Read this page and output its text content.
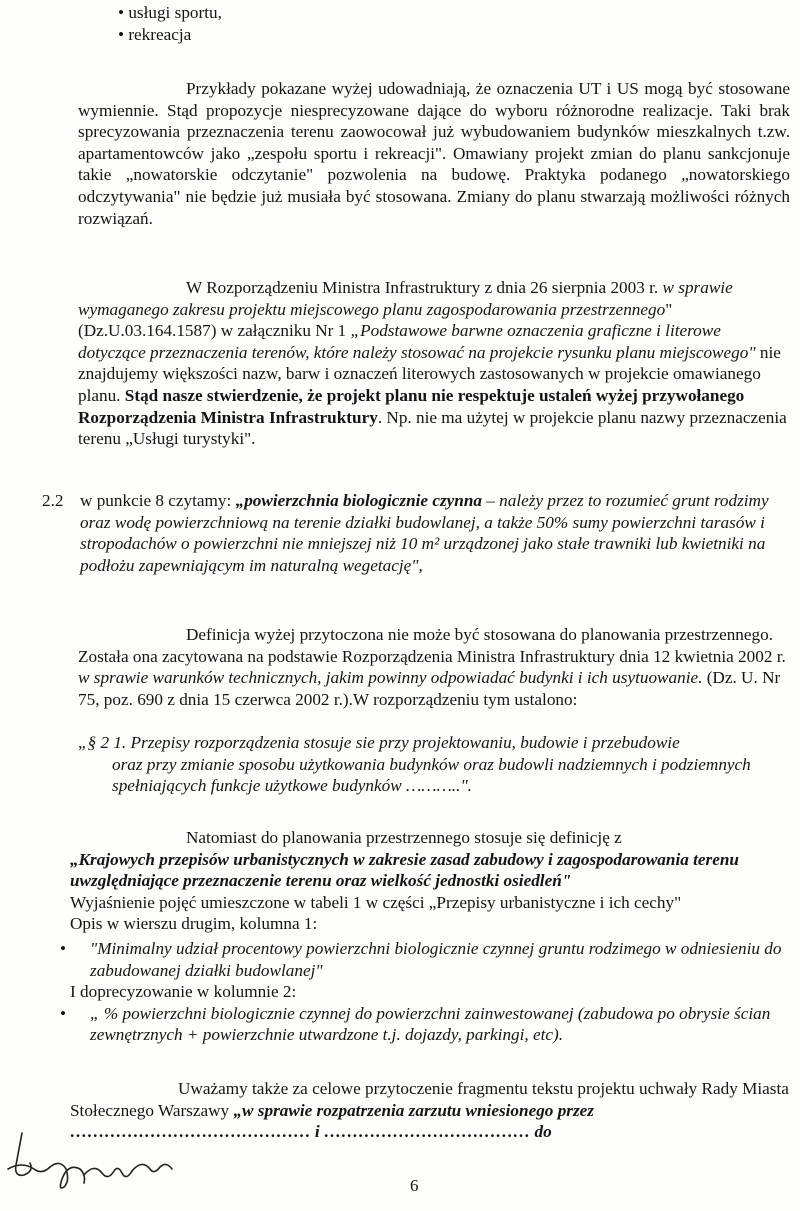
• usługi sportu,
• rekreacja

Przykłady pokazane wyżej udowadniają, że oznaczenia UT i US mogą być stosowane wymiennie. Stąd propozycje niesprecyzowane dające do wyboru różnorodne realizacje. Taki brak sprecyzowania przeznaczenia terenu zaowocował już wybudowaniem budynków mieszkalnych t.zw. apartamentowców jako „zespołu sportu i rekreacji". Omawiany projekt zmian do planu sankcjonuje takie „nowatorskie odczytanie" pozwolenia na budowę. Praktyka podanego „nowatorskiego odczytywania" nie będzie już musiała być stosowana. Zmiany do planu stwarzają możliwości różnych rozwiązań.

W Rozporządzeniu Ministra Infrastruktury z dnia 26 sierpnia 2003 r. w sprawie wymaganego zakresu projektu miejscowego planu zagospodarowania przestrzennego"(Dz.U.03.164.1587) w załączniku Nr 1 „Podstawowe barwne oznaczenia graficzne i literowe dotyczące przeznaczenia terenów, które należy stosować na projekcie rysunku planu miejscowego" nie znajdujemy większości nazw, barw i oznaczeń literowych zastosowanych w projekcie omawianego planu. Stąd nasze stwierdzenie, że projekt planu nie respektuje ustaleń wyżej przywołanego Rozporządzenia Ministra Infrastruktury. Np. nie ma użytej w projekcie planu nazwy przeznaczenia terenu „Usługi turystyki".

2.2 w punkcie 8 czytamy: „powierzchnia biologicznie czynna – należy przez to rozumieć grunt rodzimy oraz wodę powierzchniową na terenie działki budowlanej, a także 50% sumy powierzchni tarasów i stropodachów o powierzchni nie mniejszej niż 10 m² urządzonej jako stałe trawniki lub kwietniki na podłożu zapewniającym im naturalną wegetację",

Definicja wyżej przytoczona nie może być stosowana do planowania przestrzennego. Została ona zacytowana na podstawie Rozporządzenia Ministra Infrastruktury dnia 12 kwietnia 2002 r. w sprawie warunków technicznych, jakim powinny odpowiadać budynki i ich usytuowanie. (Dz. U. Nr 75, poz. 690 z dnia 15 czerwca 2002 r.).W rozporządzeniu tym ustalono:

„§ 2 1. Przepisy rozporządzenia stosuje sie przy projektowaniu, budowie i przebudowie
oraz przy zmianie sposobu użytkowania budynków oraz budowli nadziemnych i podziemnych spełniających funkcje użytkowe budynków ………..".
Natomiast do planowania przestrzennego stosuje się definicję z
„Krajowych przepisów urbanistycznych w zakresie zasad zabudowy i zagospodarowania terenu uwzględniające przeznaczenie terenu oraz wielkość jednostki osiedleń"
Wyjaśnienie pojęć umieszczone w tabeli 1 w części „Przepisy urbanistyczne i ich cechy"
Opis w wierszu drugim, kolumna 1:
• "Minimalny udział procentowy powierzchni biologicznie czynnej gruntu rodzimego w odniesieniu do zabudowanej działki budowlanej"
I doprecyzowanie w kolumnie 2:
• „ % powierzchni biologicznie czynnej do powierzchni zainwestowanej (zabudowa po obrysie ścian zewnętrznych + powierzchnie utwardzone t.j. dojazdy, parkingi, etc).

Uważamy także za celowe przytoczenie fragmentu tekstu projektu uchwały Rady Miasta Stołecznego Warszawy „w sprawie rozpatrzenia zarzutu wniesionego przez …………………………………… i ……………………………… do

6
